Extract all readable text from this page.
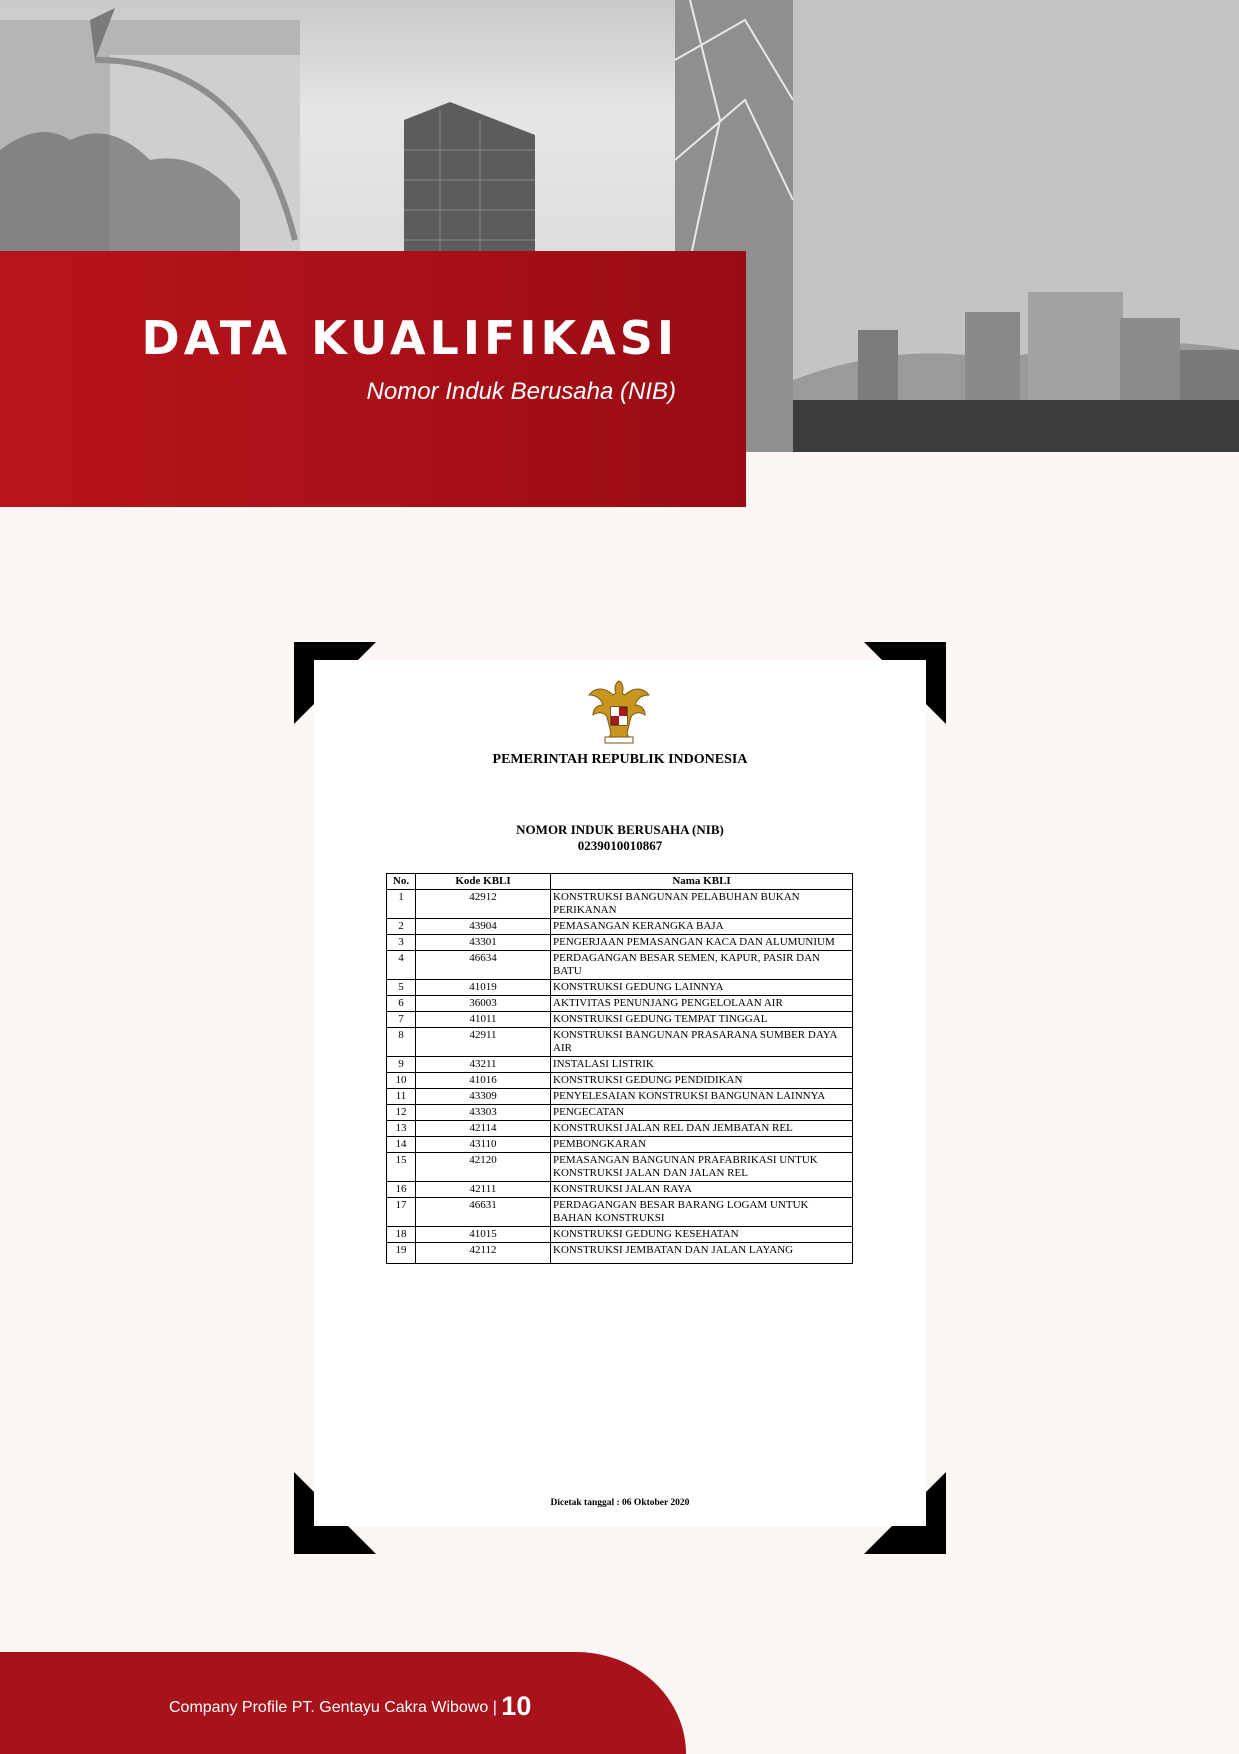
DATA KUALIFIKASI

Nomor Induk Berusaha (NIB)

PEMERINTAH REPUBLIK INDONESIA

NOMOR INDUK BERUSAHA (NIB)

0239010010867

No.	Kode KBLI	Nama KBLI
1	42912	KONSTRUKSI BANGUNAN PELABUHAN BUKAN PERIKANAN
2	43904	PEMASANGAN KERANGKA BAJA
3	43301	PENGERJAAN PEMASANGAN KACA DAN ALUMUNIUM
4	46634	PERDAGANGAN BESAR SEMEN, KAPUR, PASIR DAN BATU
5	41019	KONSTRUKSI GEDUNG LAINNYA
6	36003	AKTIVITAS PENUNJANG PENGELOLAAN AIR
7	41011	KONSTRUKSI GEDUNG TEMPAT TINGGAL
8	42911	KONSTRUKSI BANGUNAN PRASARANA SUMBER DAYA AIR
9	43211	INSTALASI LISTRIK
10	41016	KONSTRUKSI GEDUNG PENDIDIKAN
11	43309	PENYELESAIAN KONSTRUKSI BANGUNAN LAINNYA
12	43303	PENGECATAN
13	42114	KONSTRUKSI JALAN REL DAN JEMBATAN REL
14	43110	PEMBONGKARAN
15	42120	PEMASANGAN BANGUNAN PRAFABRIKASI UNTUK KONSTRUKSI JALAN DAN JALAN REL
16	42111	KONSTRUKSI JALAN RAYA
17	46631	PERDAGANGAN BESAR BARANG LOGAM UNTUK BAHAN KONSTRUKSI
18	41015	KONSTRUKSI GEDUNG KESEHATAN
19	42112	KONSTRUKSI JEMBATAN DAN JALAN LAYANG

Dicetak tanggal : 06 Oktober 2020

Company Profile PT. Gentayu Cakra Wibowo | 10
